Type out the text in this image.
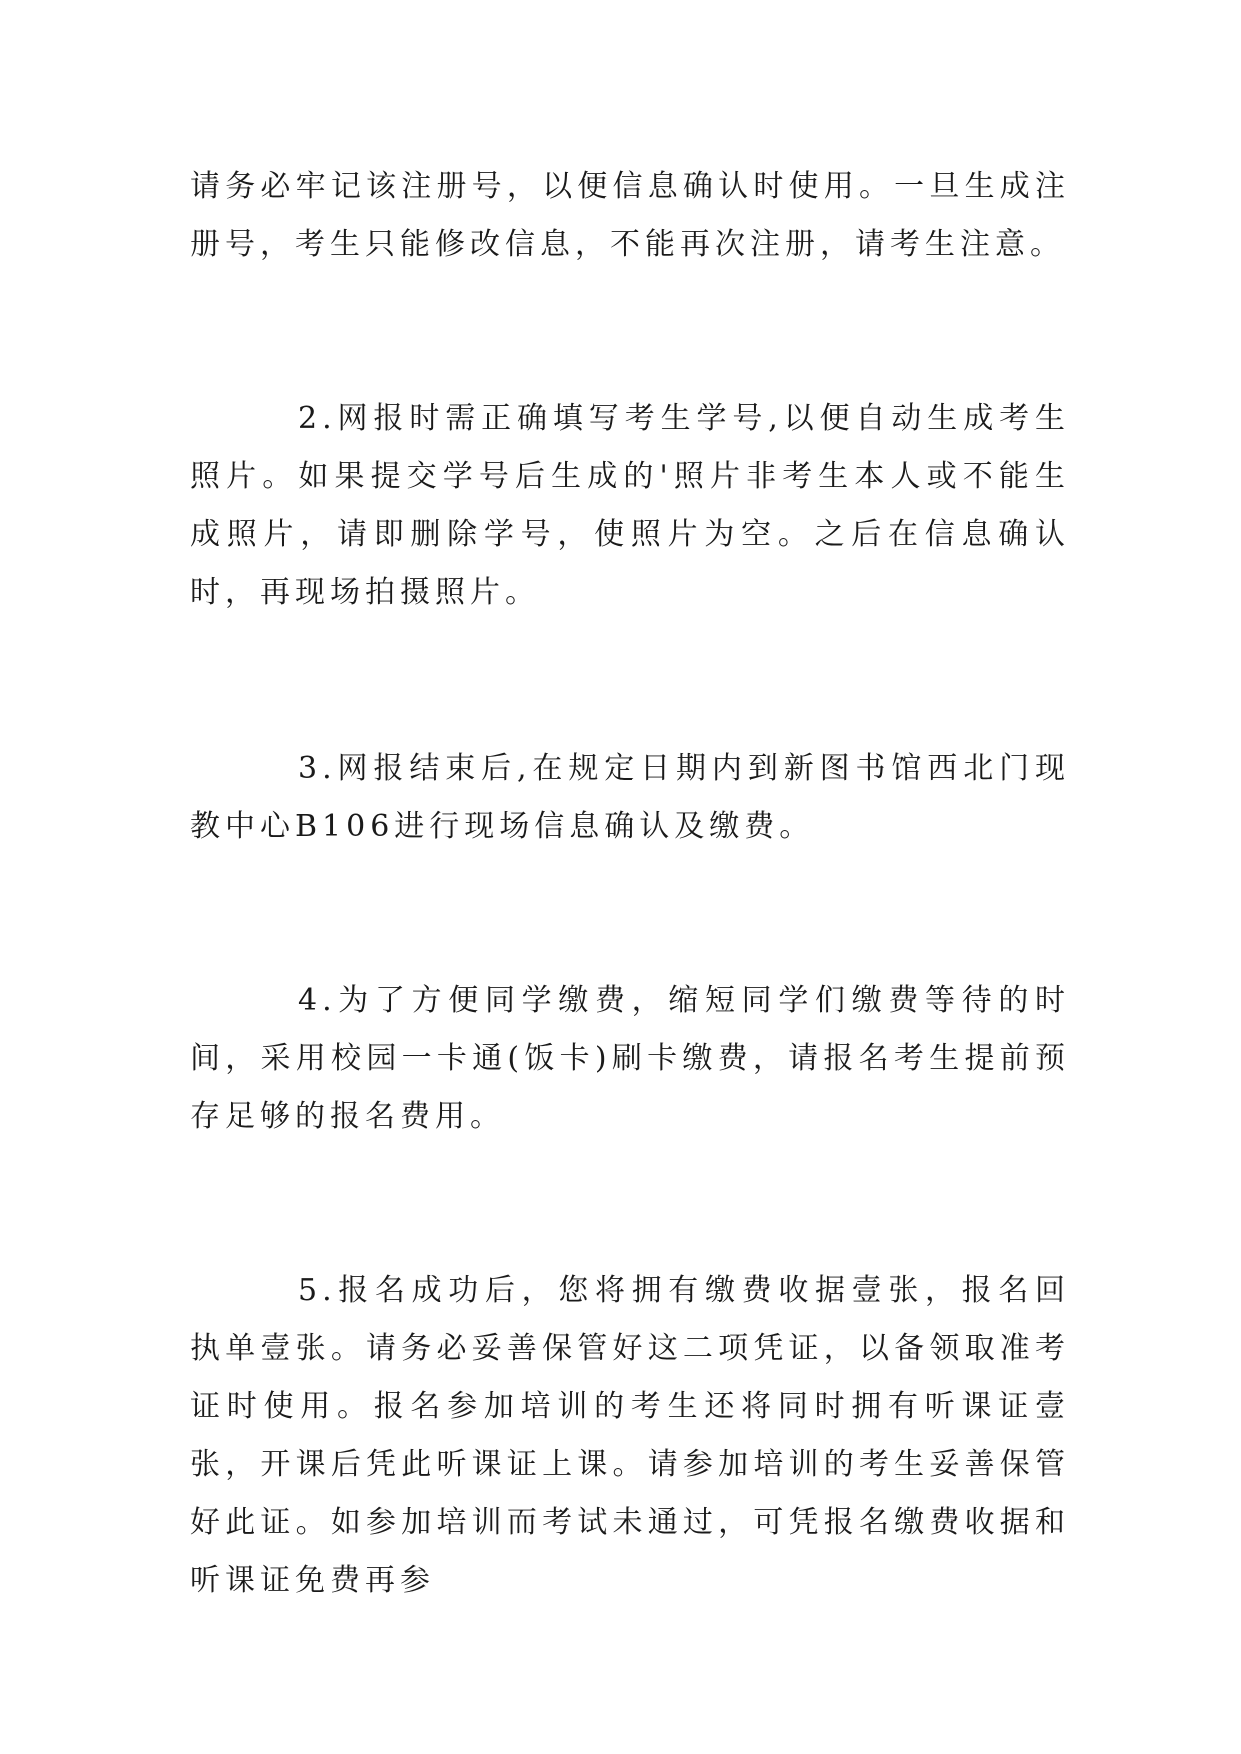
请务必牢记该注册号，以便信息确认时使用。一旦生成注册号，考生只能修改信息，不能再次注册，请考生注意。

2.网报时需正确填写考生学号,以便自动生成考生照片。如果提交学号后生成的'照片非考生本人或不能生成照片，请即删除学号，使照片为空。之后在信息确认时，再现场拍摄照片。

3.网报结束后,在规定日期内到新图书馆西北门现教中心B106进行现场信息确认及缴费。

4.为了方便同学缴费，缩短同学们缴费等待的时间，采用校园一卡通(饭卡)刷卡缴费，请报名考生提前预存足够的报名费用。

5.报名成功后，您将拥有缴费收据壹张，报名回执单壹张。请务必妥善保管好这二项凭证，以备领取准考证时使用。报名参加培训的考生还将同时拥有听课证壹张，开课后凭此听课证上课。请参加培训的考生妥善保管好此证。如参加培训而考试未通过，可凭报名缴费收据和听课证免费再参
